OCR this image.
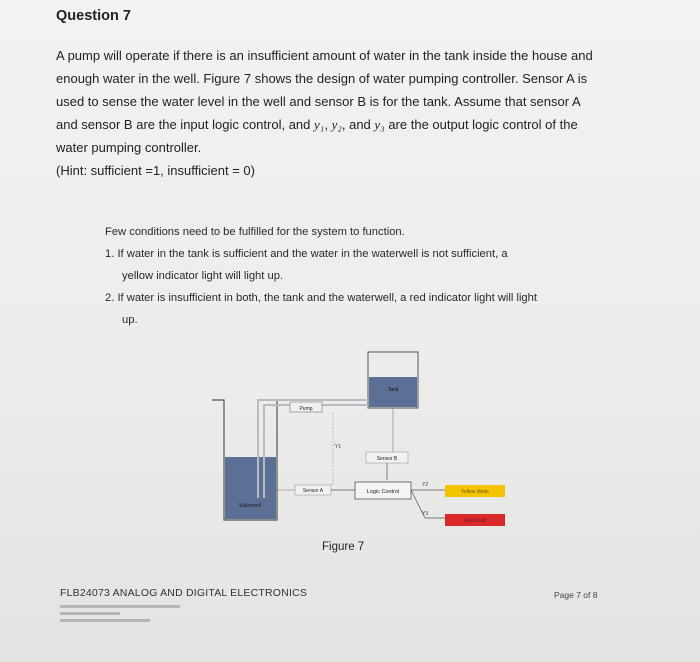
Question 7
A pump will operate if there is an insufficient amount of water in the tank inside the house and
enough water in the well. Figure 7 shows the design of water pumping controller. Sensor A is
used to sense the water level in the well and sensor B is for the tank. Assume that sensor A
and sensor B are the input logic control, and y₁, y₂, and y₃ are the output logic control of the
water pumping controller.
(Hint: sufficient =1, insufficient = 0)
Few conditions need to be fulfilled for the system to function.
1. If water in the tank is sufficient and the water in the waterwell is not sufficient, a
yellow indicator light will light up.
2. If water is insufficient in both, the tank and the waterwell, a red indicator light will light
up.
Tank
Waterwell
Pump
Sensor A
Sensor B
Logic Control
Y1
Y2
Y3
Yellow diode
Red diode
Figure 7
FLB24073 ANALOG AND DIGITAL ELECTRONICS	Page 7 of 8
